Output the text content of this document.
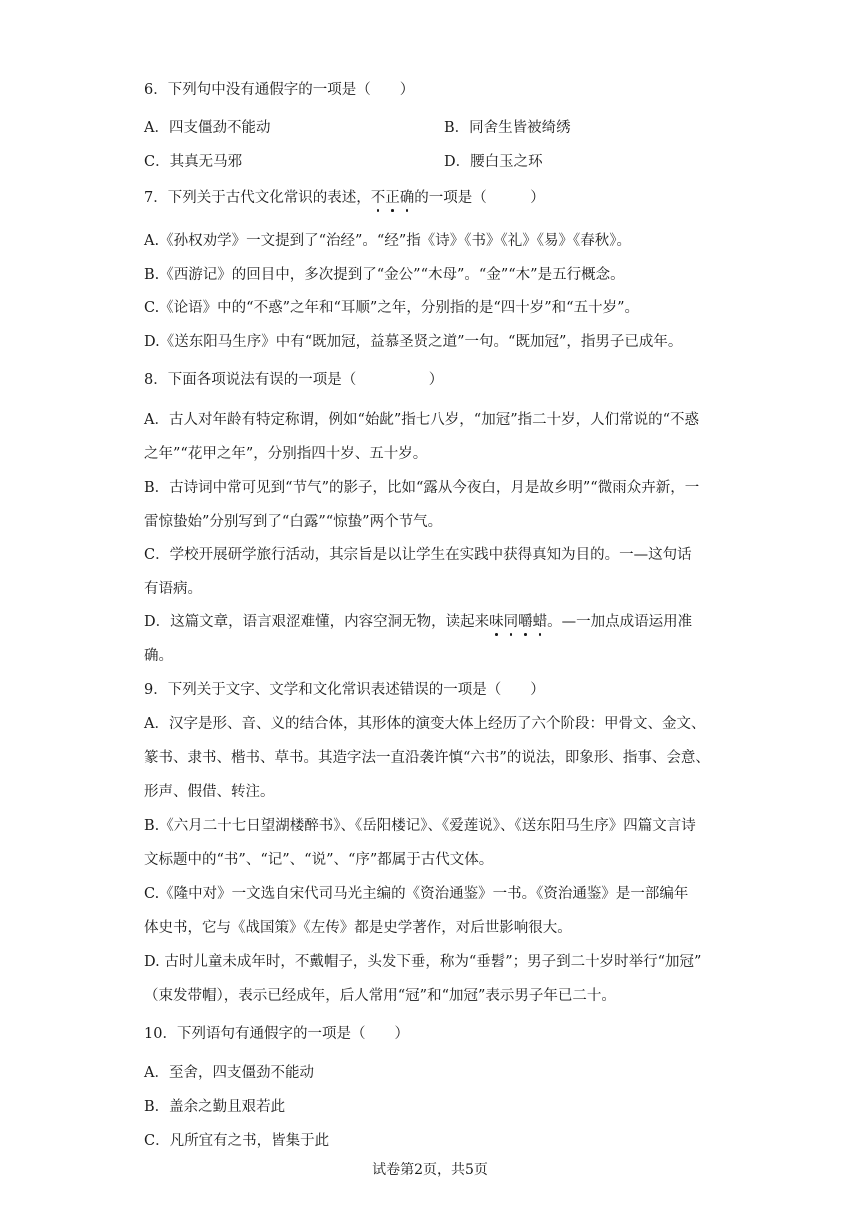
6．下列句中没有通假字的一项是（　　）
A．四支僵劲不能动	B．同舍生皆被绮绣
C．其真无马邪	D．腰白玉之环
7．下列关于古代文化常识的表述，不正确的一项是（　　　）
A.《孙权劝学》一文提到了“治经”。“经”指《诗》《书》《礼》《易》《春秋》。
B.《西游记》的回目中，多次提到了“金公”“木母”。“金”“木”是五行概念。
C.《论语》中的“不惑”之年和“耳顺”之年，分别指的是“四十岁”和“五十岁”。
D.《送东阳马生序》中有“既加冠，益慕圣贤之道”一句。“既加冠”，指男子已成年。
8．下面各项说法有误的一项是（　　　　　）
A．古人对年龄有特定称谓，例如“始龀”指七八岁，“加冠”指二十岁，人们常说的“不惑
之年”“花甲之年”，分别指四十岁、五十岁。
B．古诗词中常可见到“节气”的影子，比如“露从今夜白，月是故乡明”“微雨众卉新，一
雷惊蛰始”分别写到了“白露”“惊蛰”两个节气。
C．学校开展研学旅行活动，其宗旨是以让学生在实践中获得真知为目的。一—这句话
有语病。
D．这篇文章，语言艰涩难懂，内容空洞无物，读起来味同嚼蜡。—一加点成语运用准
确。
9．下列关于文字、文学和文化常识表述错误的一项是（　　）
A．汉字是形、音、义的结合体，其形体的演变大体上经历了六个阶段：甲骨文、金文、
篆书、隶书、楷书、草书。其造字法一直沿袭许慎“六书”的说法，即象形、指事、会意、
形声、假借、转注。
B.《六月二十七日望湖楼醉书》、《岳阳楼记》、《爱莲说》、《送东阳马生序》四篇文言诗
文标题中的“书”、“记”、“说”、“序”都属于古代文体。
C.《隆中对》一文选自宋代司马光主编的《资治通鉴》一书。《资治通鉴》是一部编年
体史书，它与《战国策》《左传》都是史学著作，对后世影响很大。
D. 古时儿童未成年时，不戴帽子，头发下垂，称为“垂髫”；男子到二十岁时举行“加冠”
（束发带帽），表示已经成年，后人常用“冠”和“加冠”表示男子年已二十。
10．下列语句有通假字的一项是（　　）
A．至舍，四支僵劲不能动
B．盖余之勤且艰若此
C．凡所宜有之书，皆集于此
试卷第2页，共5页
